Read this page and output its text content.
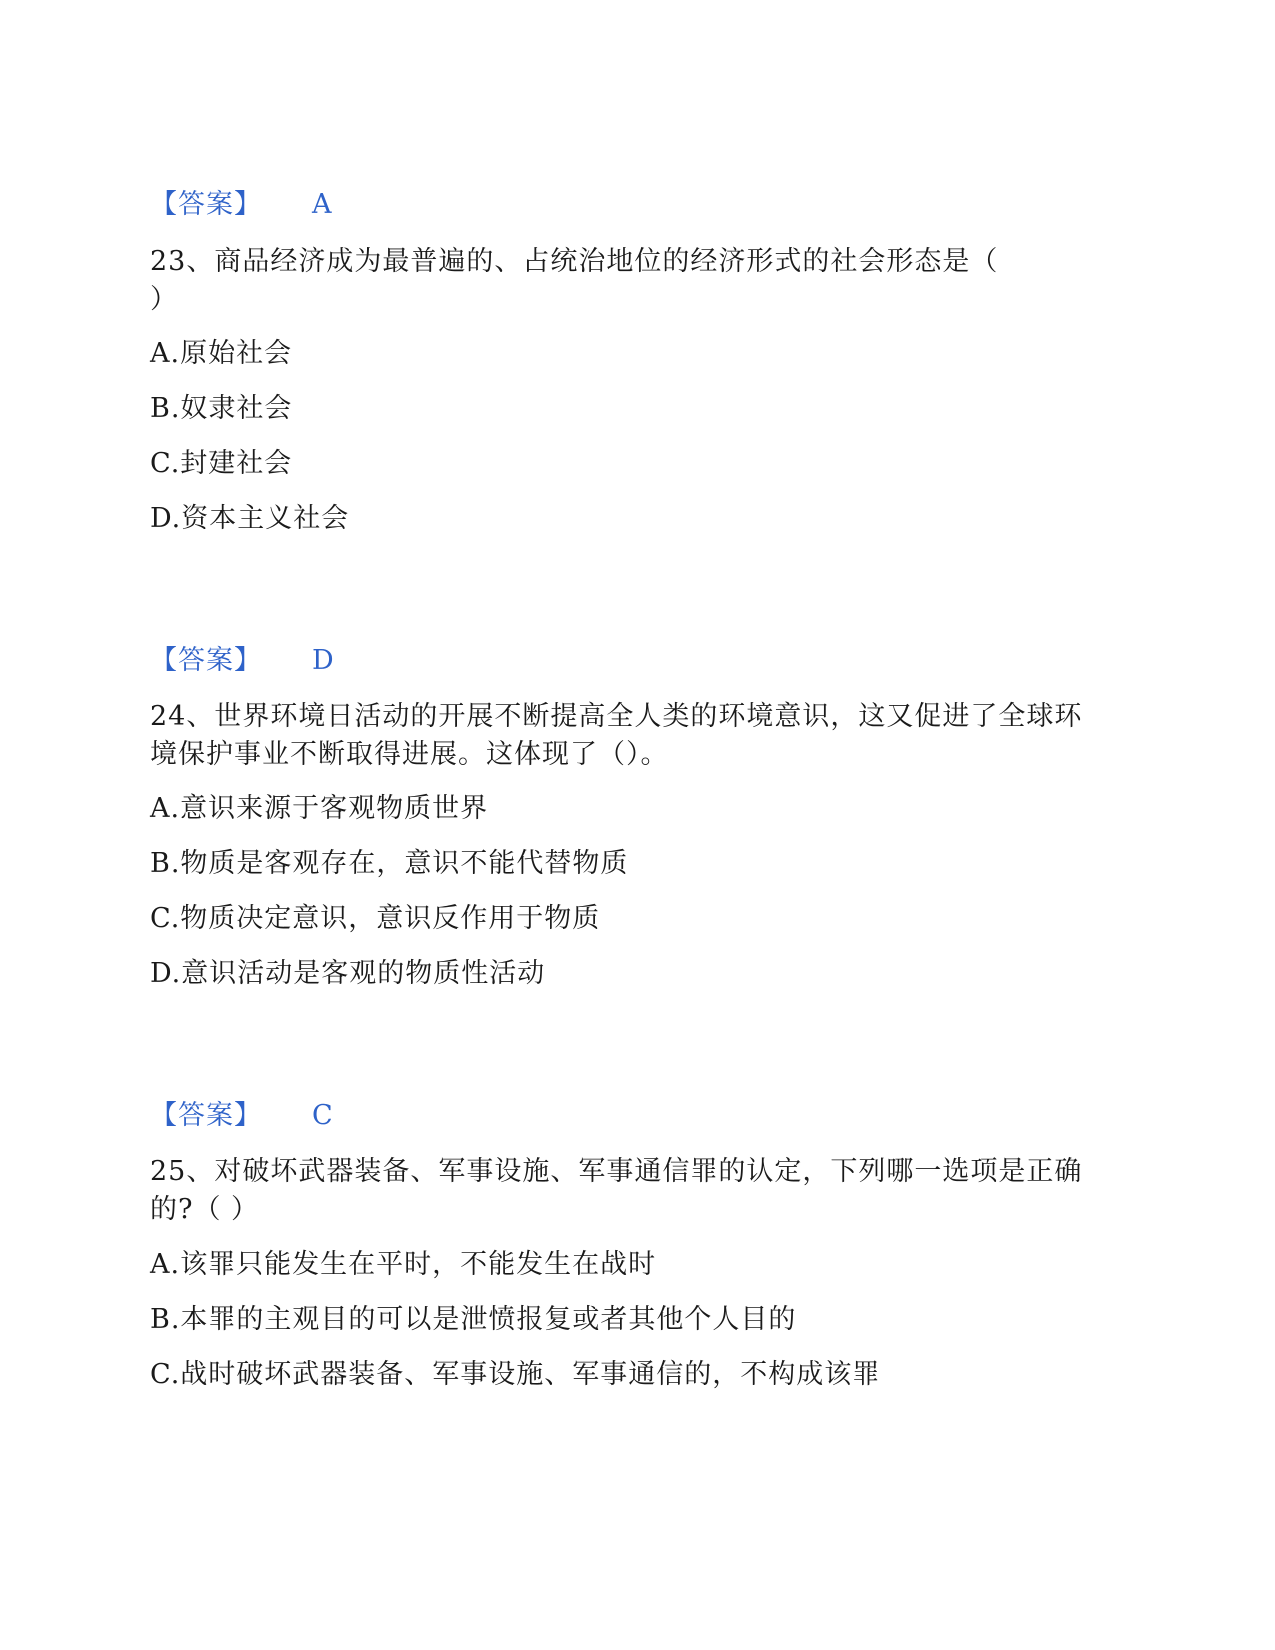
【答案】 A
23、商品经济成为最普遍的、占统治地位的经济形式的社会形态是（
）
A.原始社会
B.奴隶社会
C.封建社会
D.资本主义社会
【答案】 D
24、世界环境日活动的开展不断提高全人类的环境意识，这又促进了全球环
境保护事业不断取得进展。这体现了（）。
A.意识来源于客观物质世界
B.物质是客观存在，意识不能代替物质
C.物质决定意识，意识反作用于物质
D.意识活动是客观的物质性活动
【答案】 C
25、对破坏武器装备、军事设施、军事通信罪的认定，下列哪一选项是正确
的?（ ）
A.该罪只能发生在平时，不能发生在战时
B.本罪的主观目的可以是泄愤报复或者其他个人目的
C.战时破坏武器装备、军事设施、军事通信的，不构成该罪
